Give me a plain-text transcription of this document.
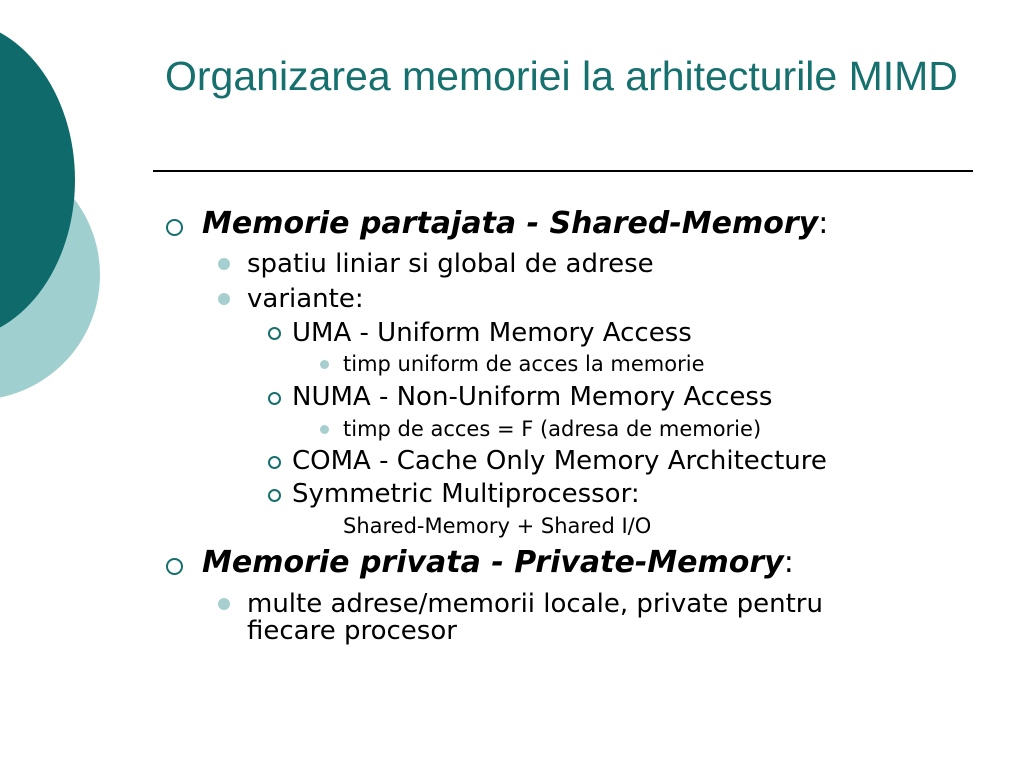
Organizarea memoriei la arhitecturile MIMD
Memorie partajata - Shared-Memory:
spatiu liniar si global de adrese
variante:
UMA - Uniform Memory Access
timp uniform de acces la memorie
NUMA - Non-Uniform Memory Access
timp de acces = F (adresa de memorie)
COMA - Cache Only Memory Architecture
Symmetric Multiprocessor:
Shared-Memory + Shared I/O
Memorie privata - Private-Memory:
multe adrese/memorii locale, private pentru
fiecare procesor
